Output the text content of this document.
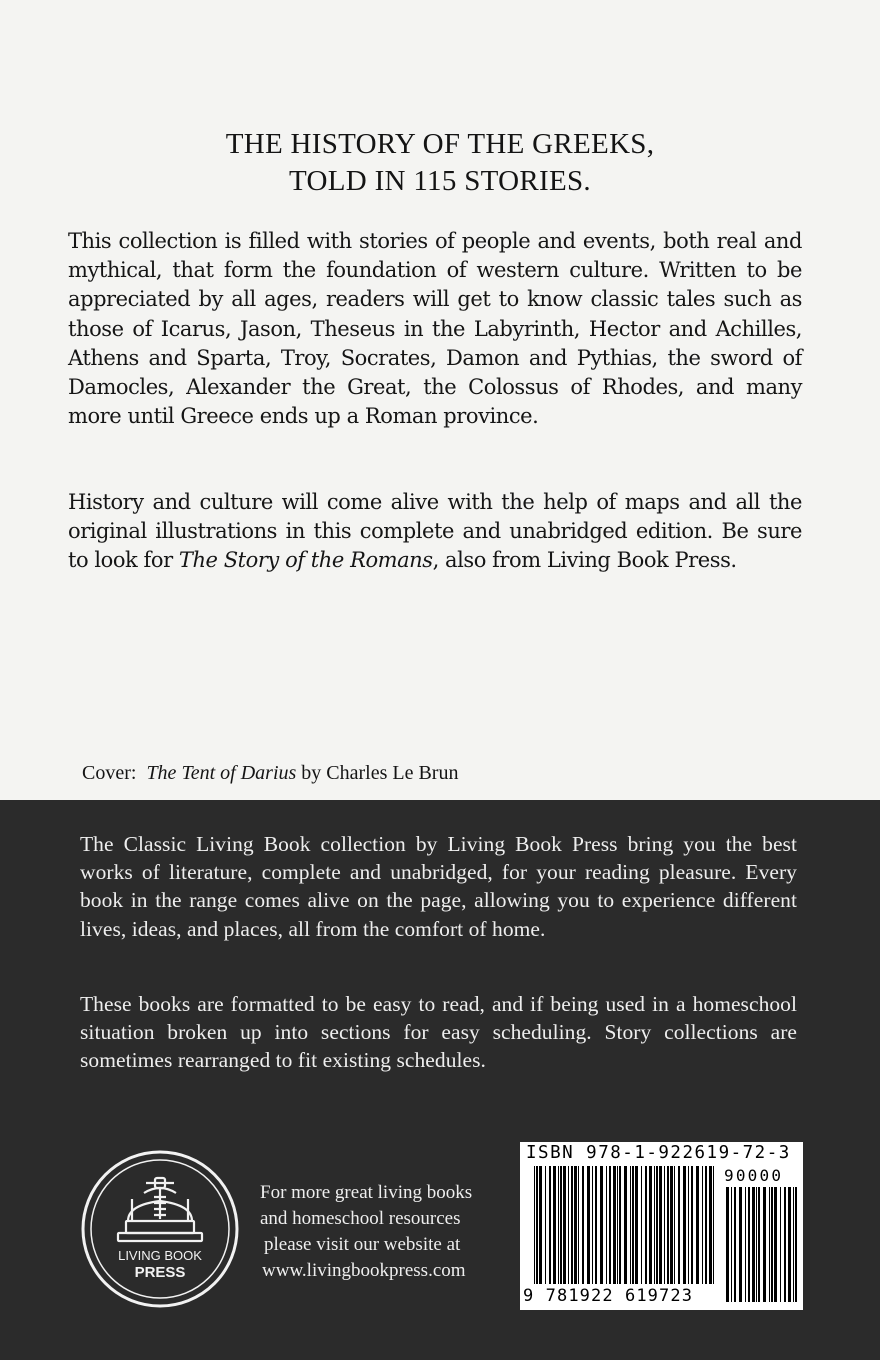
THE HISTORY OF THE GREEKS,
TOLD IN 115 STORIES.

This collection is filled with stories of people and events, both real and mythical, that form the foundation of western culture. Written to be appreciated by all ages, readers will get to know classic tales such as those of Icarus, Jason, Theseus in the Labyrinth, Hector and Achilles, Athens and Sparta, Troy, Socrates, Damon and Pythias, the sword of Damocles, Alexander the Great, the Colossus of Rhodes, and many more until Greece ends up a Roman province.

History and culture will come alive with the help of maps and all the original illustrations in this complete and unabridged edition. Be sure to look for The Story of the Romans, also from Living Book Press.

Cover: The Tent of Darius by Charles Le Brun

The Classic Living Book collection by Living Book Press bring you the best works of literature, complete and unabridged, for your reading pleasure. Every book in the range comes alive on the page, allowing you to experience different lives, ideas, and places, all from the comfort of home.

These books are formatted to be easy to read, and if being used in a homeschool situation broken up into sections for easy scheduling. Story collections are sometimes rearranged to fit existing schedules.

LIVING BOOK
PRESS
For more great living books
and homeschool resources
please visit our website at
www.livingbookpress.com
ISBN 978-1-922619-72-3
90000
9 781922 619723
